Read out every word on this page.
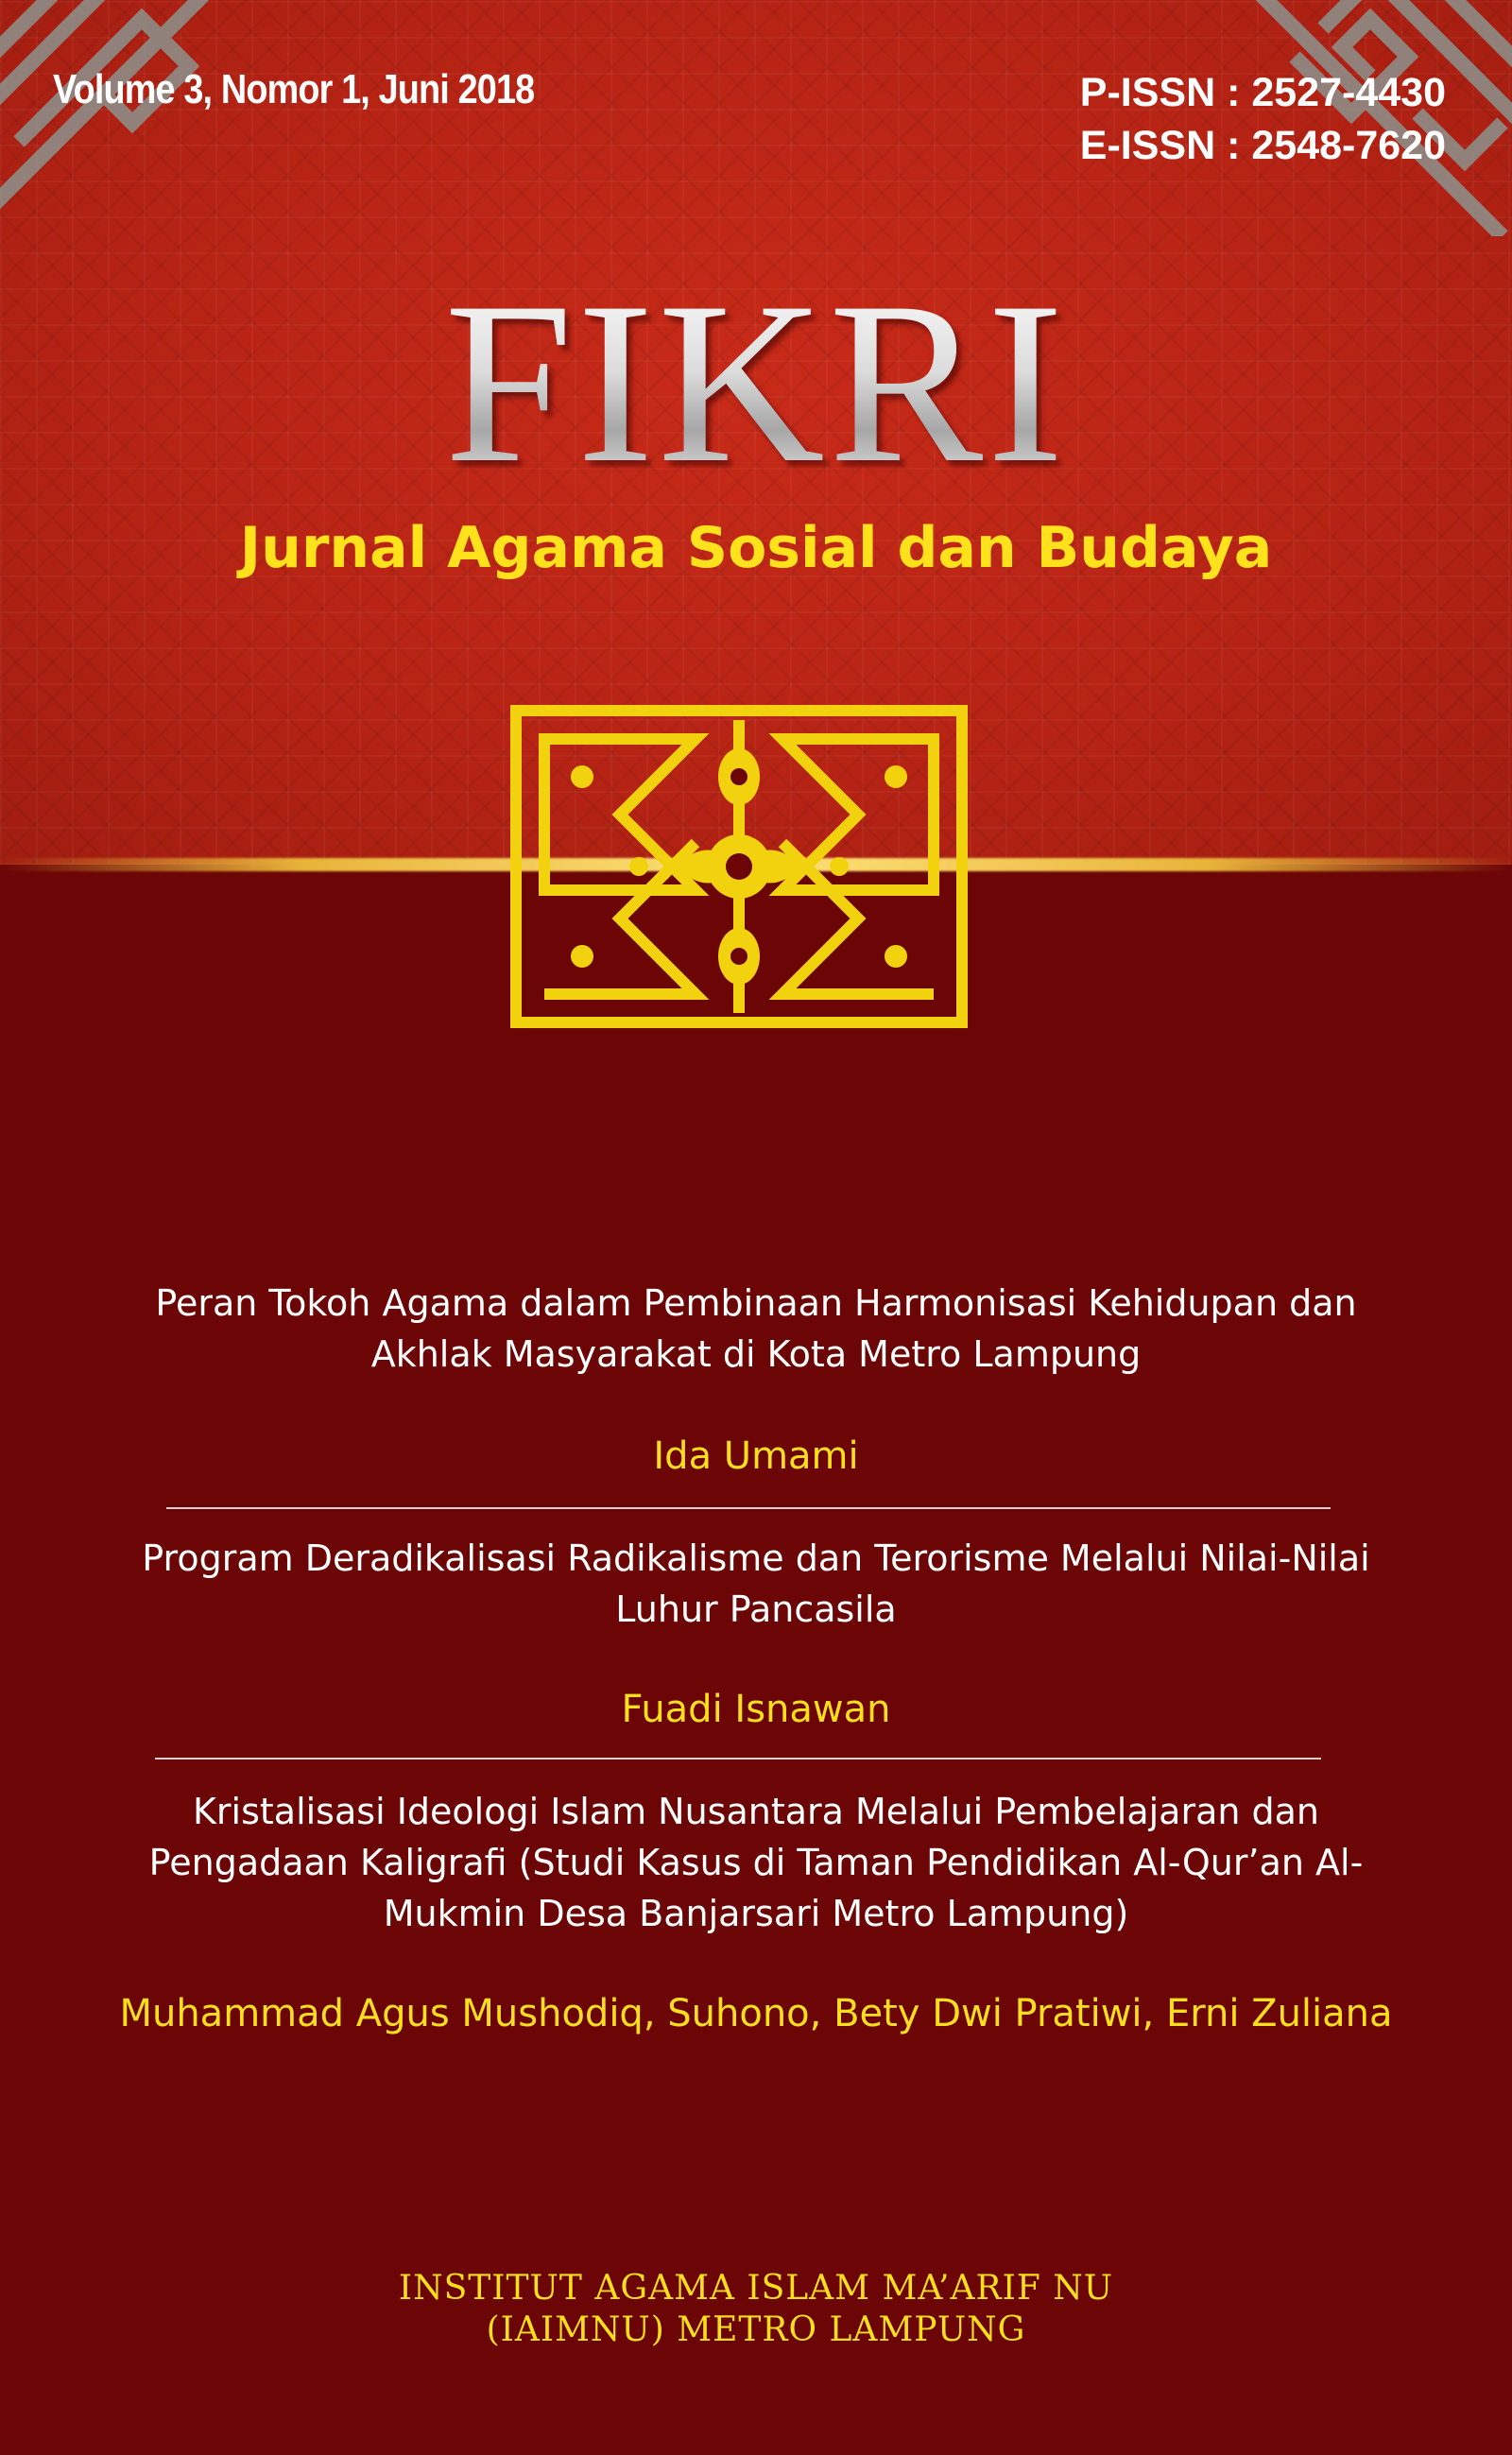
Volume 3, Nomor 1, Juni 2018	P-ISSN : 2527-4430
E-ISSN : 2548-7620
FIKRI

Jurnal Agama Sosial dan Budaya

Peran Tokoh Agama dalam Pembinaan Harmonisasi Kehidupan dan
Akhlak Masyarakat di Kota Metro Lampung

Ida Umami

Program Deradikalisasi Radikalisme dan Terorisme Melalui Nilai-Nilai
Luhur Pancasila

Fuadi Isnawan

Kristalisasi Ideologi Islam Nusantara Melalui Pembelajaran dan
Pengadaan Kaligrafi (Studi Kasus di Taman Pendidikan Al-Qur’an Al-
Mukmin Desa Banjarsari Metro Lampung)

Muhammad Agus Mushodiq, Suhono, Bety Dwi Pratiwi, Erni Zuliana

INSTITUT AGAMA ISLAM MA’ARIF NU
(IAIMNU) METRO LAMPUNG
